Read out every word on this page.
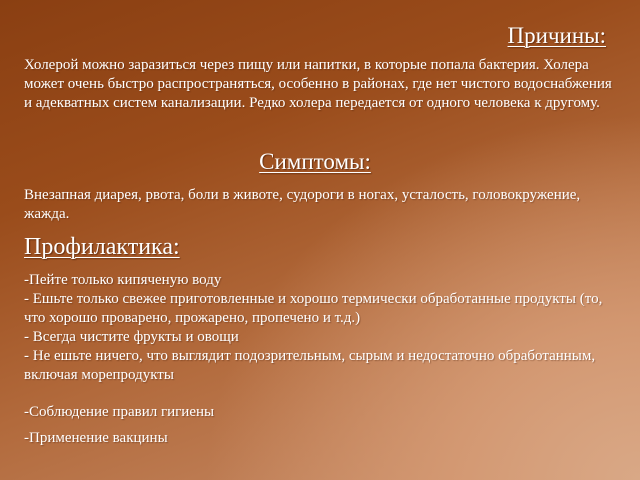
Причины:

Холерой можно заразиться через пищу или напитки, в которые попала бактерия. Холера может очень быстро распространяться, особенно в районах, где нет чистого водоснабжения и адекватных систем канализации. Редко холера передается от одного человека к другому.

Симптомы:

Внезапная диарея, рвота, боли в животе, судороги в ногах, усталость, головокружение, жажда.

Профилактика:
-Пейте только кипяченую воду
- Ешьте только свежее приготовленные и хорошо термически обработанные продукты (то, что хорошо проварено, прожарено, пропечено и т.д.)
- Всегда чистите фрукты и овощи
- Не ешьте ничего, что выглядит подозрительным, сырым и недостаточно обработанным, включая морепродукты

-Соблюдение правил гигиены

-Применение вакцины
